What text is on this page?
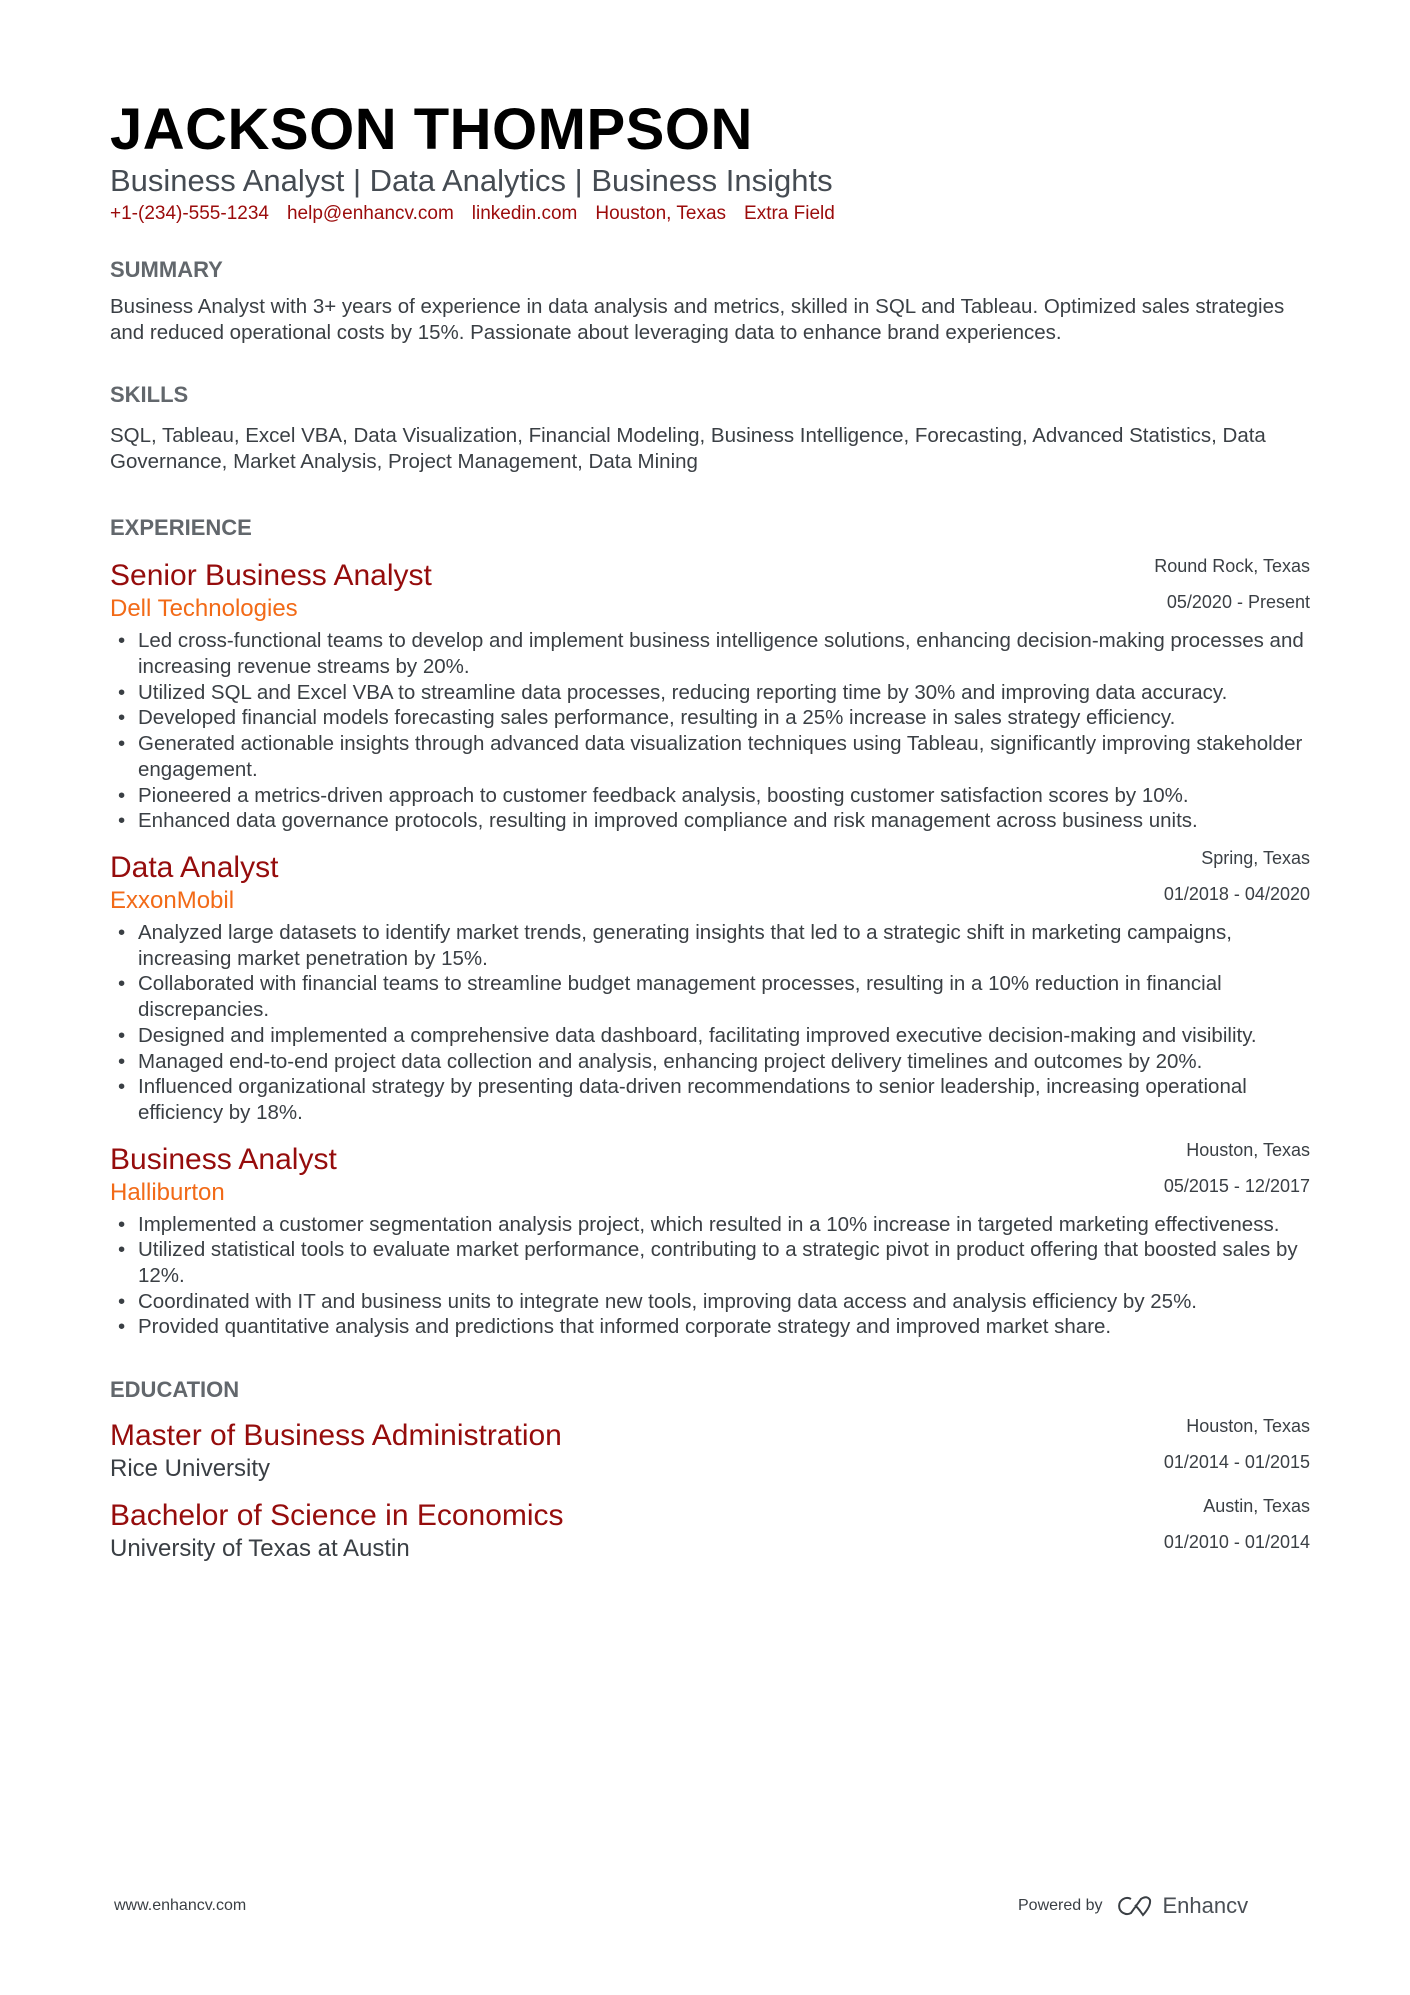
JACKSON THOMPSON
Business Analyst | Data Analytics | Business Insights
+1-(234)-555-1234 help@enhancv.com linkedin.com Houston, Texas Extra Field
SUMMARY
Business Analyst with 3+ years of experience in data analysis and metrics, skilled in SQL and Tableau. Optimized sales strategies and reduced operational costs by 15%. Passionate about leveraging data to enhance brand experiences.
SKILLS
SQL, Tableau, Excel VBA, Data Visualization, Financial Modeling, Business Intelligence, Forecasting, Advanced Statistics, Data Governance, Market Analysis, Project Management, Data Mining
EXPERIENCE
Senior Business Analyst
Dell Technologies
Round Rock, Texas
05/2020 - Present
• Led cross-functional teams to develop and implement business intelligence solutions, enhancing decision-making processes and increasing revenue streams by 20%.
• Utilized SQL and Excel VBA to streamline data processes, reducing reporting time by 30% and improving data accuracy.
• Developed financial models forecasting sales performance, resulting in a 25% increase in sales strategy efficiency.
• Generated actionable insights through advanced data visualization techniques using Tableau, significantly improving stakeholder engagement.
• Pioneered a metrics-driven approach to customer feedback analysis, boosting customer satisfaction scores by 10%.
• Enhanced data governance protocols, resulting in improved compliance and risk management across business units.
Data Analyst
ExxonMobil
Spring, Texas
01/2018 - 04/2020
• Analyzed large datasets to identify market trends, generating insights that led to a strategic shift in marketing campaigns, increasing market penetration by 15%.
• Collaborated with financial teams to streamline budget management processes, resulting in a 10% reduction in financial discrepancies.
• Designed and implemented a comprehensive data dashboard, facilitating improved executive decision-making and visibility.
• Managed end-to-end project data collection and analysis, enhancing project delivery timelines and outcomes by 20%.
• Influenced organizational strategy by presenting data-driven recommendations to senior leadership, increasing operational efficiency by 18%.
Business Analyst
Halliburton
Houston, Texas
05/2015 - 12/2017
• Implemented a customer segmentation analysis project, which resulted in a 10% increase in targeted marketing effectiveness.
• Utilized statistical tools to evaluate market performance, contributing to a strategic pivot in product offering that boosted sales by 12%.
• Coordinated with IT and business units to integrate new tools, improving data access and analysis efficiency by 25%.
• Provided quantitative analysis and predictions that informed corporate strategy and improved market share.
EDUCATION
Master of Business Administration
Rice University
Houston, Texas
01/2014 - 01/2015
Bachelor of Science in Economics
University of Texas at Austin
Austin, Texas
01/2010 - 01/2014
www.enhancv.com	Powered by	Enhancv
